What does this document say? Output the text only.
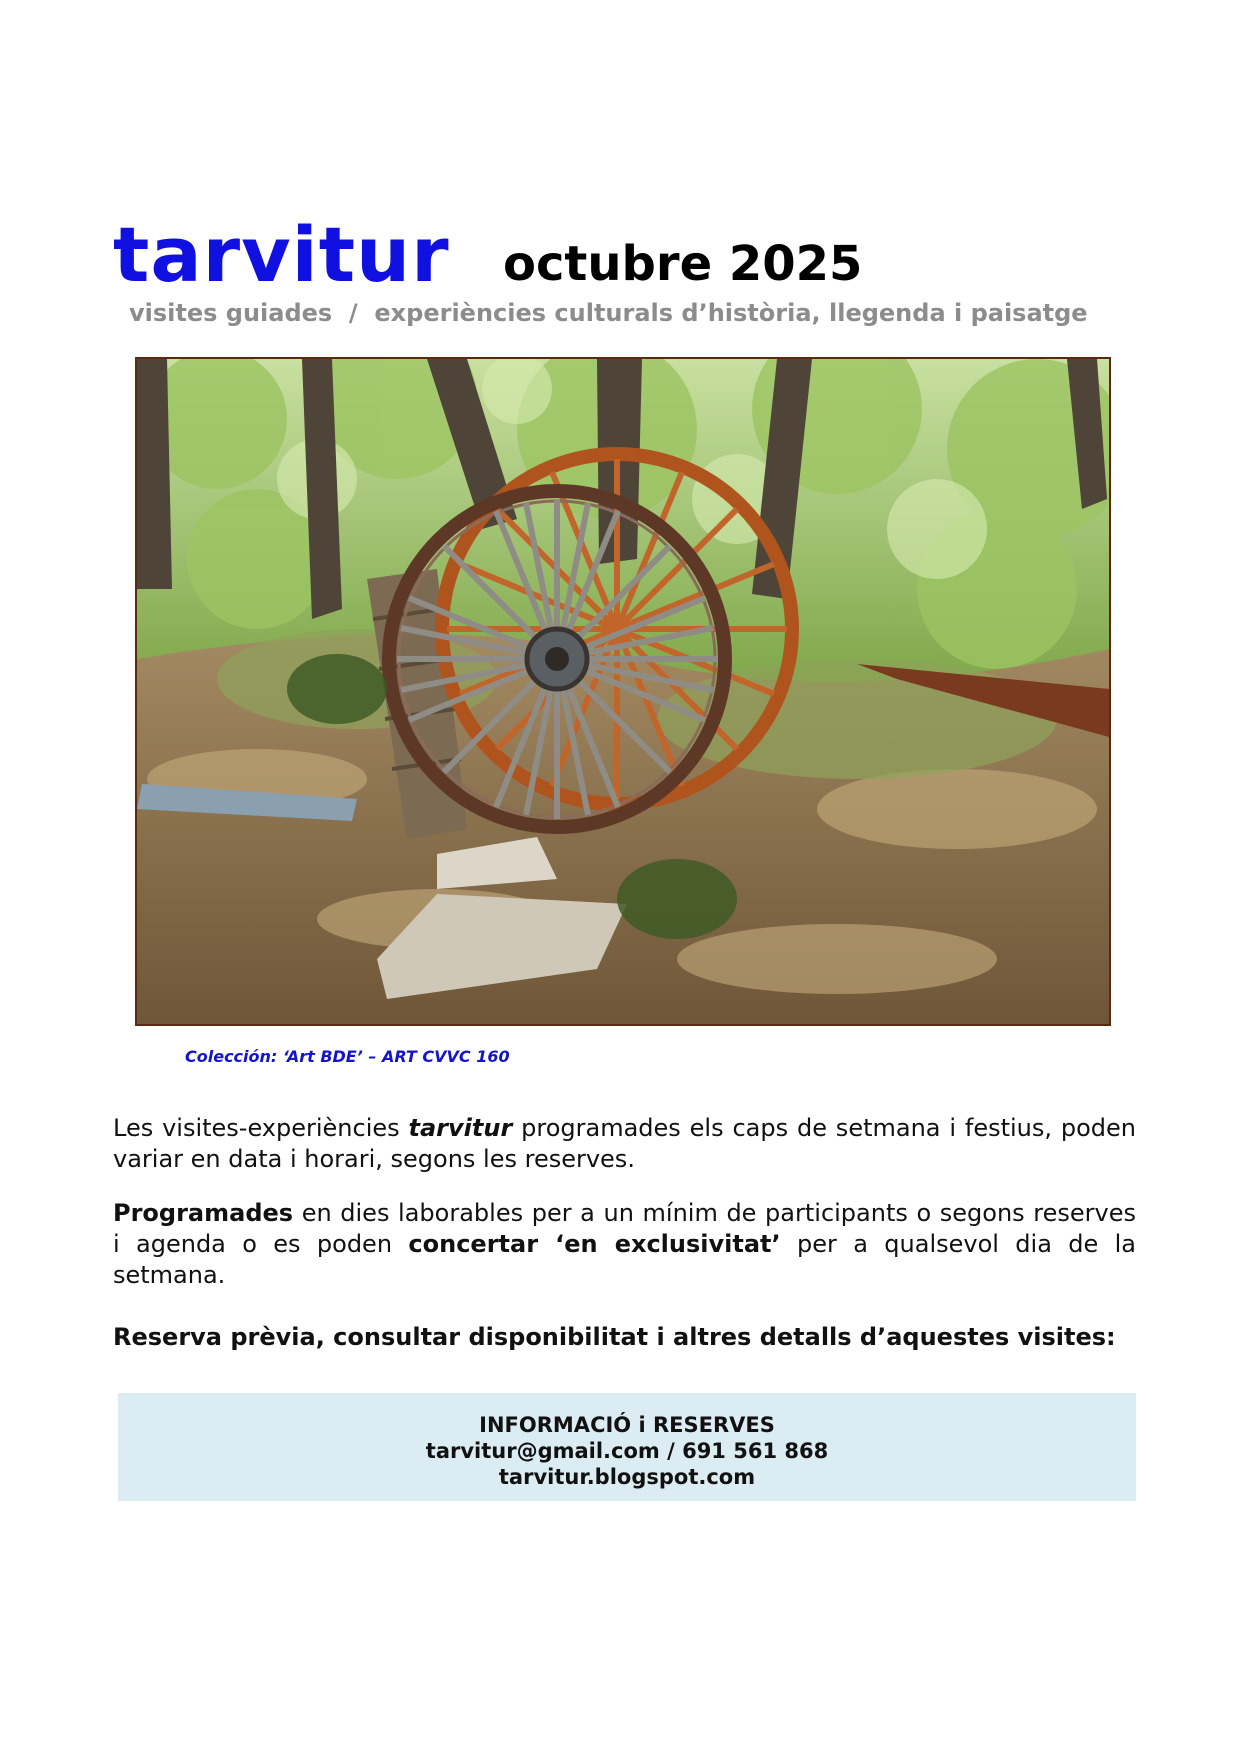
tarvitur octubre 2025
visites guiades  /  experiències culturals d’història, llegenda i paisatge
Colección: ‘Art BDE’ – ART CVVC 160
Les visites-experiències tarvitur programades els caps de setmana i festius, poden variar en data i horari, segons les reserves.
Programades en dies laborables per a un mínim de participants o segons reserves i agenda o es poden concertar ‘en exclusivitat’ per a qualsevol dia de la setmana.
Reserva prèvia, consultar disponibilitat i altres detalls d’aquestes visites:
INFORMACIÓ i RESERVES
tarvitur@gmail.com / 691 561 868
tarvitur.blogspot.com
